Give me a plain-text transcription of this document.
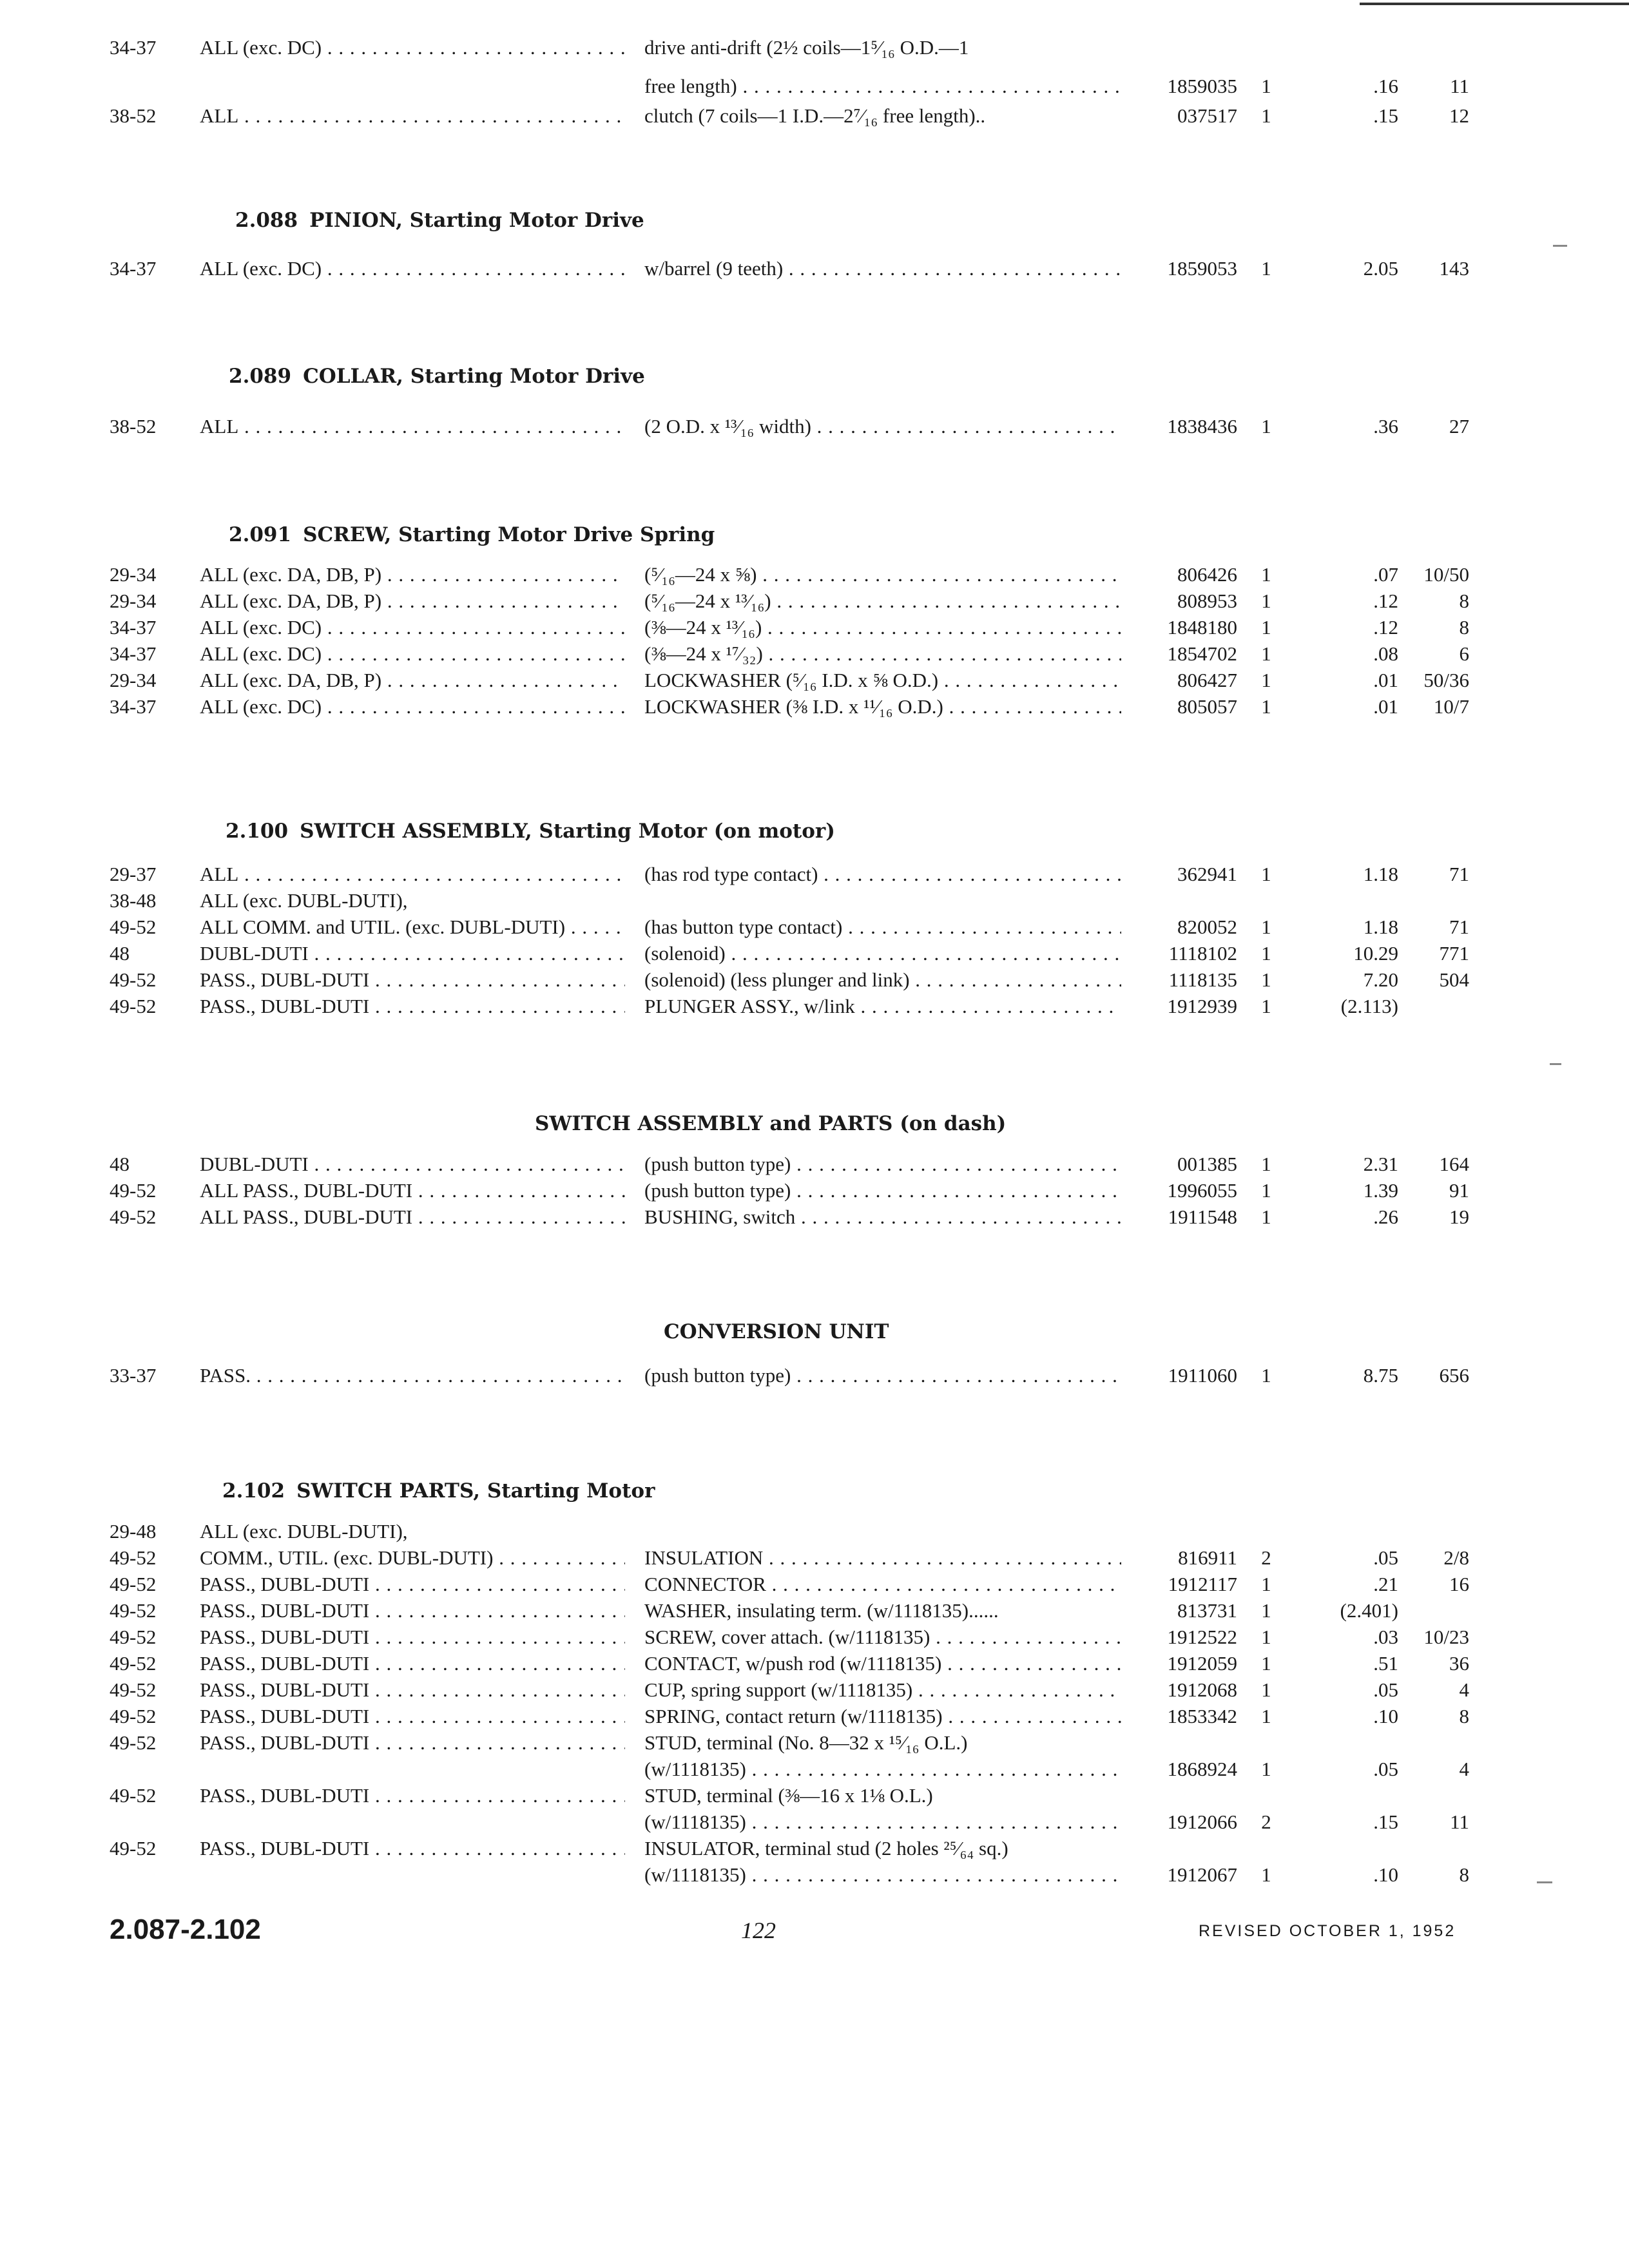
34-37	ALL (exc. DC) . . .	drive anti-drift (2½ coils—1⁵⁄₁₆ O.D.—1
free length) . . .	1859035	1	.16	11
38-52	ALL . . .	clutch (7 coils—1 I.D.—2⁷⁄₁₆ free length)..	037517	1	.15	12
2.088 PINION, Starting Motor Drive
34-37	ALL (exc. DC) . . .	w/barrel (9 teeth) . . .	1859053	1	2.05	143
2.089 COLLAR, Starting Motor Drive
38-52	ALL . . .	(2 O.D. x ¹³⁄₁₆ width) . . .	1838436	1	.36	27
2.091 SCREW, Starting Motor Drive Spring
29-34	ALL (exc. DA, DB, P) . . .	(⁵⁄₁₆—24 x ⅝) . . .	806426	1	.07	10/50
29-34	ALL (exc. DA, DB, P) . . .	(⁵⁄₁₆—24 x ¹³⁄₁₆) . . .	808953	1	.12	8
34-37	ALL (exc. DC) . . .	(⅜—24 x ¹³⁄₁₆) . . .	1848180	1	.12	8
34-37	ALL (exc. DC) . . .	(⅜—24 x ¹⁷⁄₃₂) . . .	1854702	1	.08	6
29-34	ALL (exc. DA, DB, P) . . .	LOCKWASHER (⁵⁄₁₆ I.D. x ⅝ O.D.) . . .	806427	1	.01	50/36
34-37	ALL (exc. DC) . . .	LOCKWASHER (⅜ I.D. x ¹¹⁄₁₆ O.D.) . . .	805057	1	.01	10/7
2.100 SWITCH ASSEMBLY, Starting Motor (on motor)
29-37	ALL . . .	(has rod type contact) . . .	362941	1	1.18	71
38-48	ALL (exc. DUBL-DUTI),
49-52	ALL COMM. and UTIL. (exc. DUBL-DUTI) . . .	(has button type contact) . . .	820052	1	1.18	71
48	DUBL-DUTI . . .	(solenoid) . . .	1118102	1	10.29	771
49-52	PASS., DUBL-DUTI . . .	(solenoid) (less plunger and link) . . .	1118135	1	7.20	504
49-52	PASS., DUBL-DUTI . . .	PLUNGER ASSY., w/link . . .	1912939	1	(2.113)
SWITCH ASSEMBLY and PARTS (on dash)
48	DUBL-DUTI . . .	(push button type) . . .	001385	1	2.31	164
49-52	ALL PASS., DUBL-DUTI . . .	(push button type) . . .	1996055	1	1.39	91
49-52	ALL PASS., DUBL-DUTI . . .	BUSHING, switch . . .	1911548	1	.26	19
CONVERSION UNIT
33-37	PASS. . . .	(push button type) . . .	1911060	1	8.75	656
2.102 SWITCH PARTS, Starting Motor
29-48	ALL (exc. DUBL-DUTI),
49-52	COMM., UTIL. (exc. DUBL-DUTI) . . .	INSULATION . . .	816911	2	.05	2/8
49-52	PASS., DUBL-DUTI . . .	CONNECTOR . . .	1912117	1	.21	16
49-52	PASS., DUBL-DUTI . . .	WASHER, insulating term. (w/1118135)......	813731	1	(2.401)
49-52	PASS., DUBL-DUTI . . .	SCREW, cover attach. (w/1118135) . . .	1912522	1	.03	10/23
49-52	PASS., DUBL-DUTI . . .	CONTACT, w/push rod (w/1118135) . . .	1912059	1	.51	36
49-52	PASS., DUBL-DUTI . . .	CUP, spring support (w/1118135) . . .	1912068	1	.05	4
49-52	PASS., DUBL-DUTI . . .	SPRING, contact return (w/1118135) . . .	1853342	1	.10	8
49-52	PASS., DUBL-DUTI . . .	STUD, terminal (No. 8—32 x ¹⁵⁄₁₆ O.L.)
(w/1118135) . . .	1868924	1	.05	4
49-52	PASS., DUBL-DUTI . . .	STUD, terminal (⅜—16 x 1⅛ O.L.)
(w/1118135) . . .	1912066	2	.15	11
49-52	PASS., DUBL-DUTI . . .	INSULATOR, terminal stud (2 holes ²⁵⁄₆₄ sq.)
(w/1118135) . . .	1912067	1	.10	8
2.087-2.102	122	REVISED OCTOBER 1, 1952
